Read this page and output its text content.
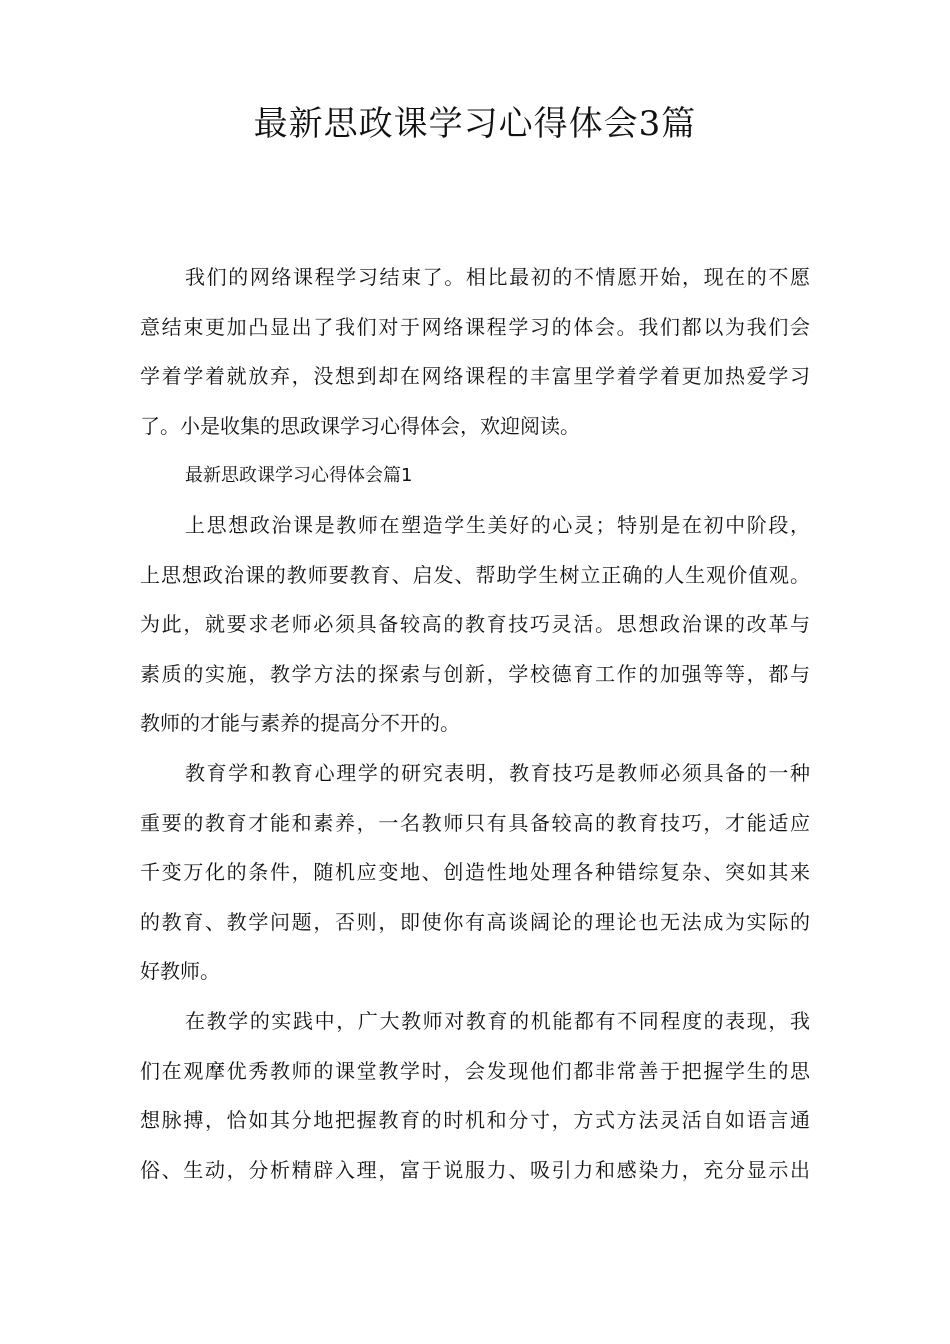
最新思政课学习心得体会3篇
我们的网络课程学习结束了。相比最初的不情愿开始，现在的不愿
意结束更加凸显出了我们对于网络课程学习的体会。我们都以为我们会
学着学着就放弃，没想到却在网络课程的丰富里学着学着更加热爱学习
了。小是收集的思政课学习心得体会，欢迎阅读。
最新思政课学习心得体会篇1
上思想政治课是教师在塑造学生美好的心灵；特别是在初中阶段，
上思想政治课的教师要教育、启发、帮助学生树立正确的人生观价值观。
为此，就要求老师必须具备较高的教育技巧灵活。思想政治课的改革与
素质的实施，教学方法的探索与创新，学校德育工作的加强等等，都与
教师的才能与素养的提高分不开的。
教育学和教育心理学的研究表明，教育技巧是教师必须具备的一种
重要的教育才能和素养，一名教师只有具备较高的教育技巧，才能适应
千变万化的条件，随机应变地、创造性地处理各种错综复杂、突如其来
的教育、教学问题，否则，即使你有高谈阔论的理论也无法成为实际的
好教师。
在教学的实践中，广大教师对教育的机能都有不同程度的表现，我
们在观摩优秀教师的课堂教学时，会发现他们都非常善于把握学生的思
想脉搏，恰如其分地把握教育的时机和分寸，方式方法灵活自如语言通
俗、生动，分析精辟入理，富于说服力、吸引力和感染力，充分显示出
